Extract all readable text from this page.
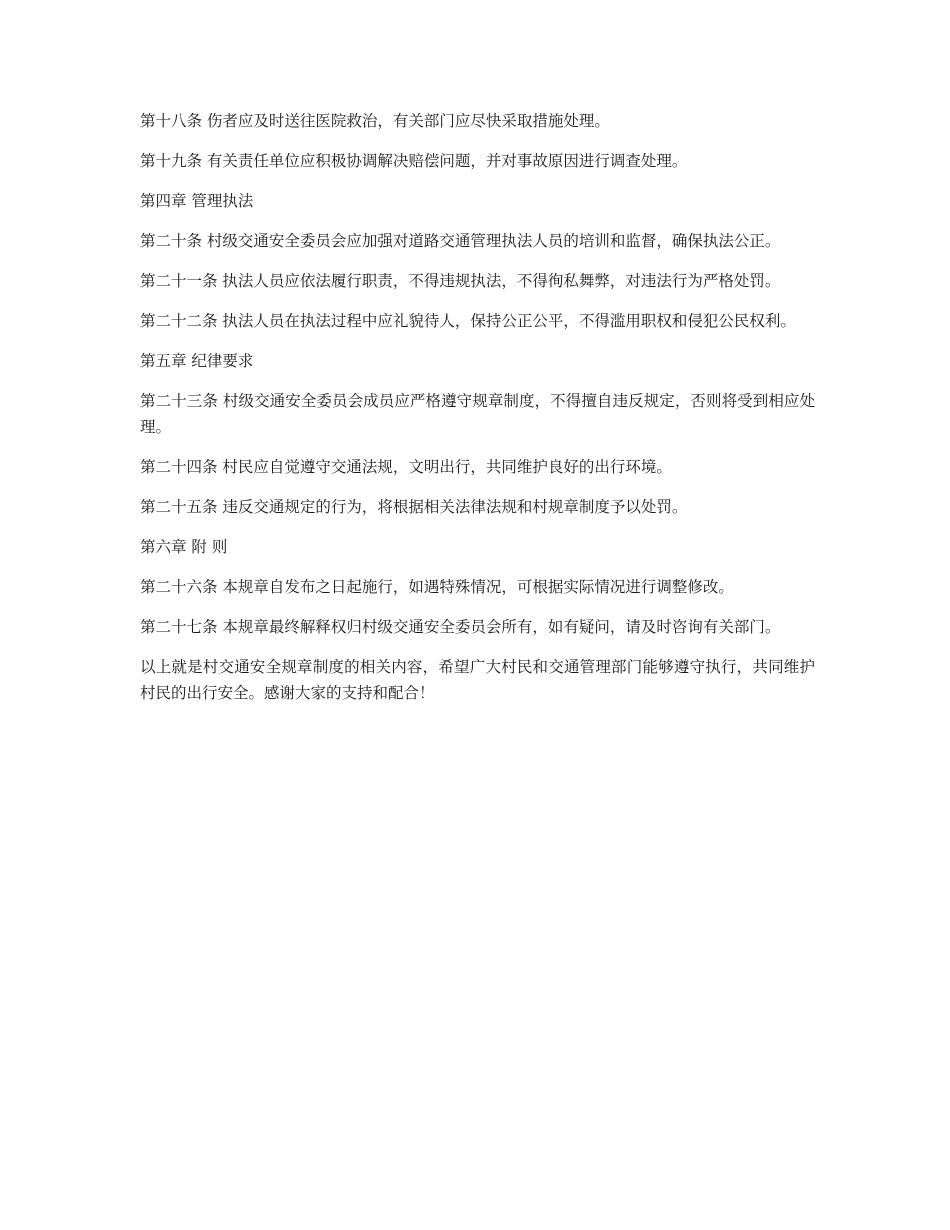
第十八条 伤者应及时送往医院救治，有关部门应尽快采取措施处理。

第十九条 有关责任单位应积极协调解决赔偿问题，并对事故原因进行调查处理。

第四章 管理执法

第二十条 村级交通安全委员会应加强对道路交通管理执法人员的培训和监督，确保执法公正。

第二十一条 执法人员应依法履行职责，不得违规执法，不得徇私舞弊，对违法行为严格处罚。

第二十二条 执法人员在执法过程中应礼貌待人，保持公正公平，不得滥用职权和侵犯公民权利。

第五章 纪律要求

第二十三条 村级交通安全委员会成员应严格遵守规章制度，不得擅自违反规定，否则将受到相应处理。

第二十四条 村民应自觉遵守交通法规，文明出行，共同维护良好的出行环境。

第二十五条 违反交通规定的行为，将根据相关法律法规和村规章制度予以处罚。

第六章 附 则

第二十六条 本规章自发布之日起施行，如遇特殊情况，可根据实际情况进行调整修改。

第二十七条 本规章最终解释权归村级交通安全委员会所有，如有疑问，请及时咨询有关部门。

以上就是村交通安全规章制度的相关内容，希望广大村民和交通管理部门能够遵守执行，共同维护村民的出行安全。感谢大家的支持和配合！
